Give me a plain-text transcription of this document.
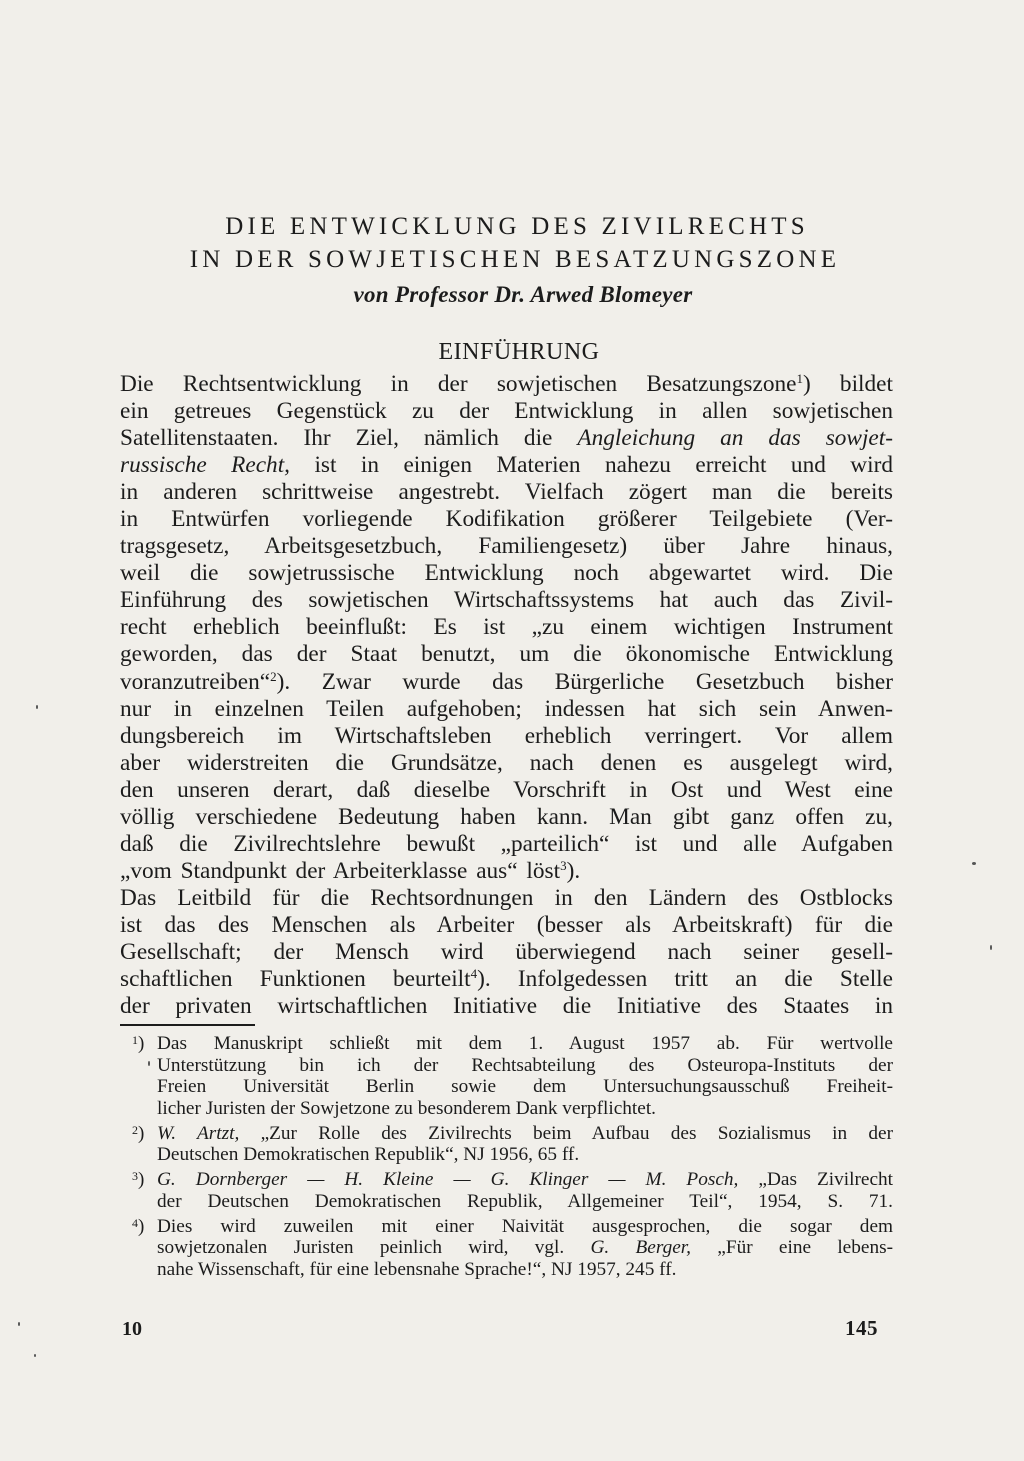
DIE ENTWICKLUNG DES ZIVILRECHTS
IN DER SOWJETISCHEN BESATZUNGSZONE
von Professor Dr. Arwed Blomeyer
EINFÜHRUNG

Die Rechtsentwicklung in der sowjetischen Besatzungszone$^1$) bildet
ein getreues Gegenstück zu der Entwicklung in allen sowjetischen
Satellitenstaaten. Ihr Ziel, nämlich die Angleichung an das sowjet-
russische Recht, ist in einigen Materien nahezu erreicht und wird
in anderen schrittweise angestrebt. Vielfach zögert man die bereits
in Entwürfen vorliegende Kodifikation größerer Teilgebiete (Ver-
tragsgesetz, Arbeitsgesetzbuch, Familiengesetz) über Jahre hinaus,
weil die sowjetrussische Entwicklung noch abgewartet wird. Die
Einführung des sowjetischen Wirtschaftssystems hat auch das Zivil-
recht erheblich beeinflußt: Es ist „zu einem wichtigen Instrument
geworden, das der Staat benutzt, um die ökonomische Entwicklung
voranzutreiben“$^2$). Zwar wurde das Bürgerliche Gesetzbuch bisher
nur in einzelnen Teilen aufgehoben; indessen hat sich sein Anwen-
dungsbereich im Wirtschaftsleben erheblich verringert. Vor allem
aber widerstreiten die Grundsätze, nach denen es ausgelegt wird,
den unseren derart, daß dieselbe Vorschrift in Ost und West eine
völlig verschiedene Bedeutung haben kann. Man gibt ganz offen zu,
daß die Zivilrechtslehre bewußt „parteilich“ ist und alle Aufgaben
„vom Standpunkt der Arbeiterklasse aus“ löst$^3$).

Das Leitbild für die Rechtsordnungen in den Ländern des Ostblocks
ist das des Menschen als Arbeiter (besser als Arbeitskraft) für die
Gesellschaft; der Mensch wird überwiegend nach seiner gesell-
schaftlichen Funktionen beurteilt$^4$). Infolgedessen tritt an die Stelle
der privaten wirtschaftlichen Initiative die Initiative des Staates in

$^1$) Das Manuskript schließt mit dem 1. August 1957 ab. Für wertvolle
Unterstützung bin ich der Rechtsabteilung des Osteuropa-Instituts der
Freien Universität Berlin sowie dem Untersuchungsausschuß Freiheit-
licher Juristen der Sowjetzone zu besonderem Dank verpflichtet.
$^2$) W. Artzt, „Zur Rolle des Zivilrechts beim Aufbau des Sozialismus in der
Deutschen Demokratischen Republik“, NJ 1956, 65 ff.
$^3$) G. Dornberger — H. Kleine — G. Klinger — M. Posch, „Das Zivilrecht
der Deutschen Demokratischen Republik, Allgemeiner Teil“, 1954, S. 71.
$^4$) Dies wird zuweilen mit einer Naivität ausgesprochen, die sogar dem
sowjetzonalen Juristen peinlich wird, vgl. G. Berger, „Für eine lebens-
nahe Wissenschaft, für eine lebensnahe Sprache!“, NJ 1957, 245 ff.
10	145
